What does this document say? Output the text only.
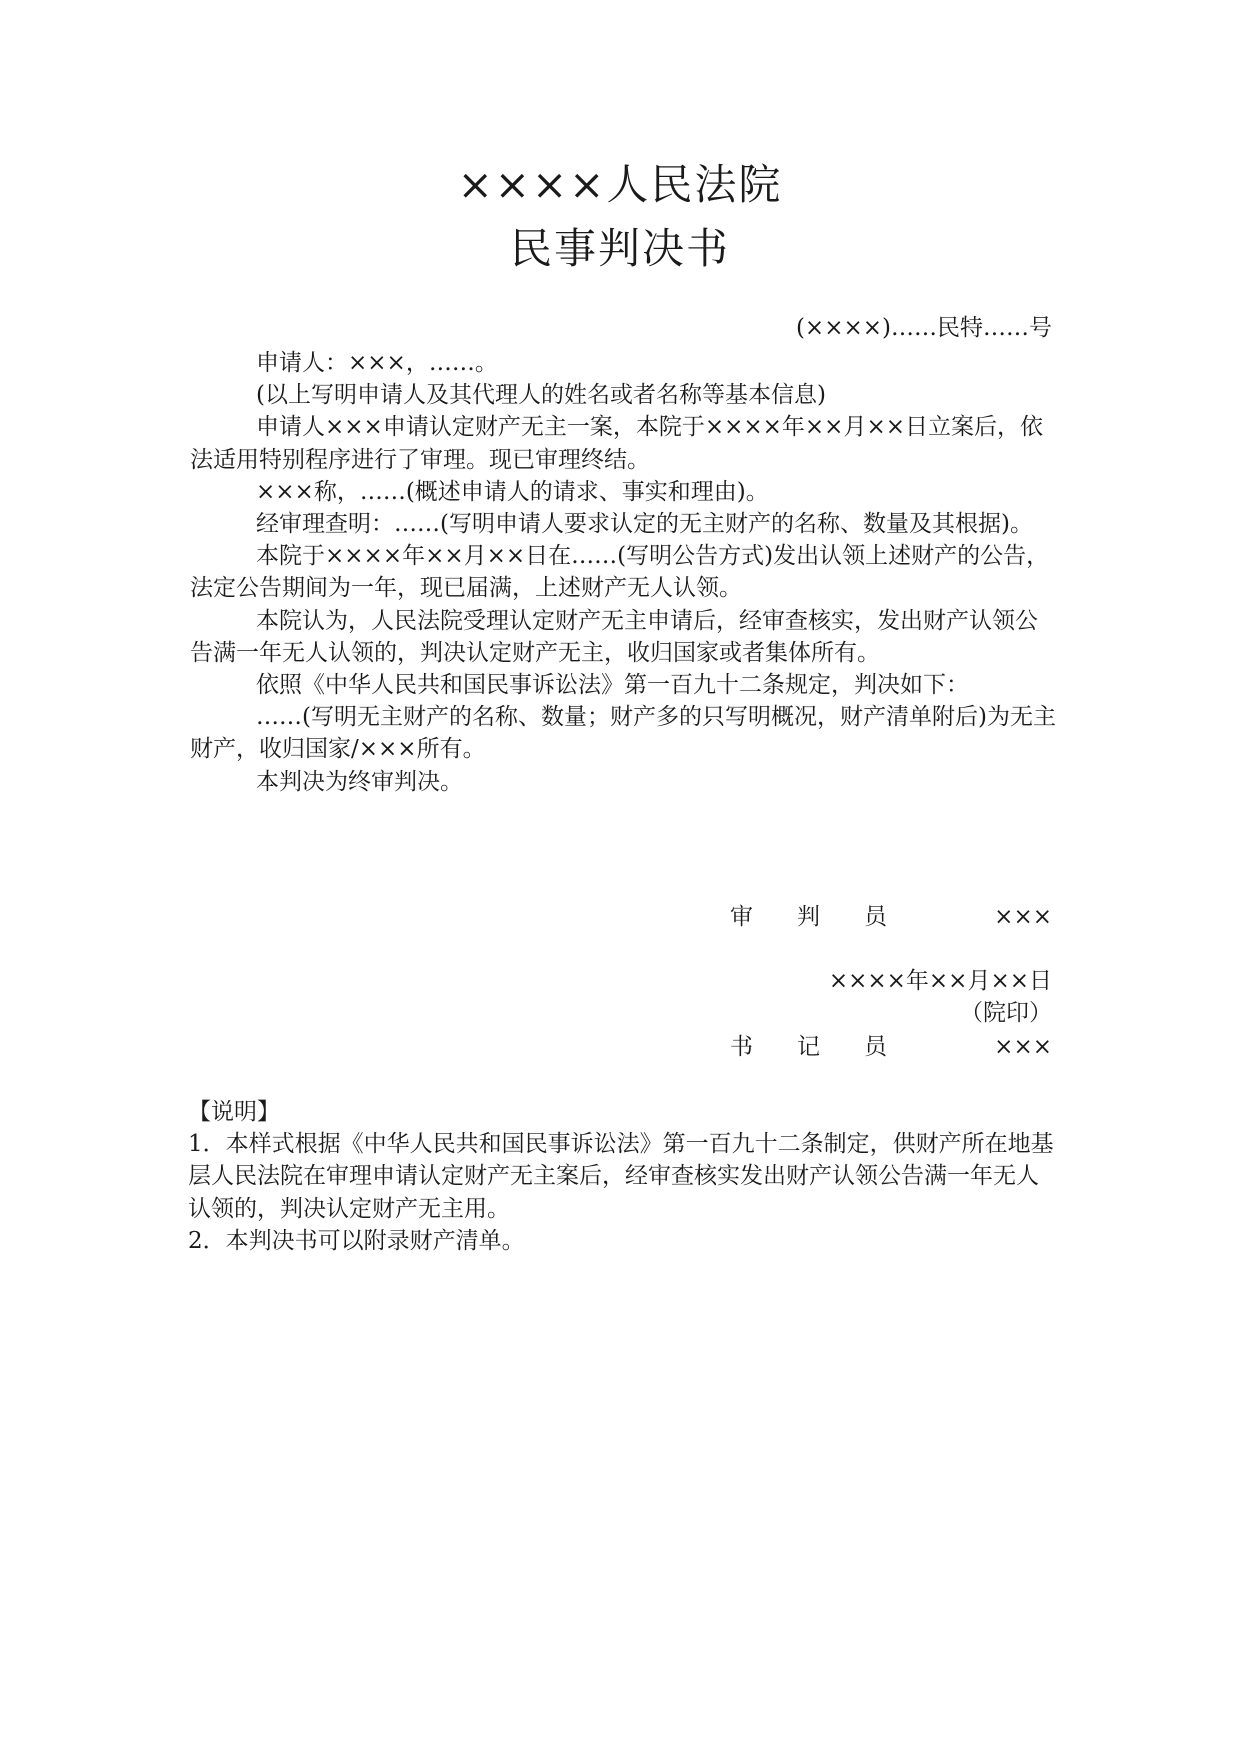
××××人民法院
民事判决书
(××××)……民特……号

申请人：×××，……。

(以上写明申请人及其代理人的姓名或者名称等基本信息)

申请人×××申请认定财产无主一案，本院于××××年××月××日立案后，依法适用特别程序进行了审理。现已审理终结。

×××称，……(概述申请人的请求、事实和理由)。

经审理查明：……(写明申请人要求认定的无主财产的名称、数量及其根据)。

本院于××××年××月××日在……(写明公告方式)发出认领上述财产的公告，法定公告期间为一年，现已届满，上述财产无人认领。

本院认为，人民法院受理认定财产无主申请后，经审查核实，发出财产认领公告满一年无人认领的，判决认定财产无主，收归国家或者集体所有。

依照《中华人民共和国民事诉讼法》第一百九十二条规定，判决如下：

……(写明无主财产的名称、数量；财产多的只写明概况，财产清单附后)为无主财产，收归国家/×××所有。

本判决为终审判决。

审 判 员	×××
××××年××月××日
（院印）
书 记 员	×××

【说明】

1．本样式根据《中华人民共和国民事诉讼法》第一百九十二条制定，供财产所在地基层人民法院在审理申请认定财产无主案后，经审查核实发出财产认领公告满一年无人认领的，判决认定财产无主用。

2．本判决书可以附录财产清单。
